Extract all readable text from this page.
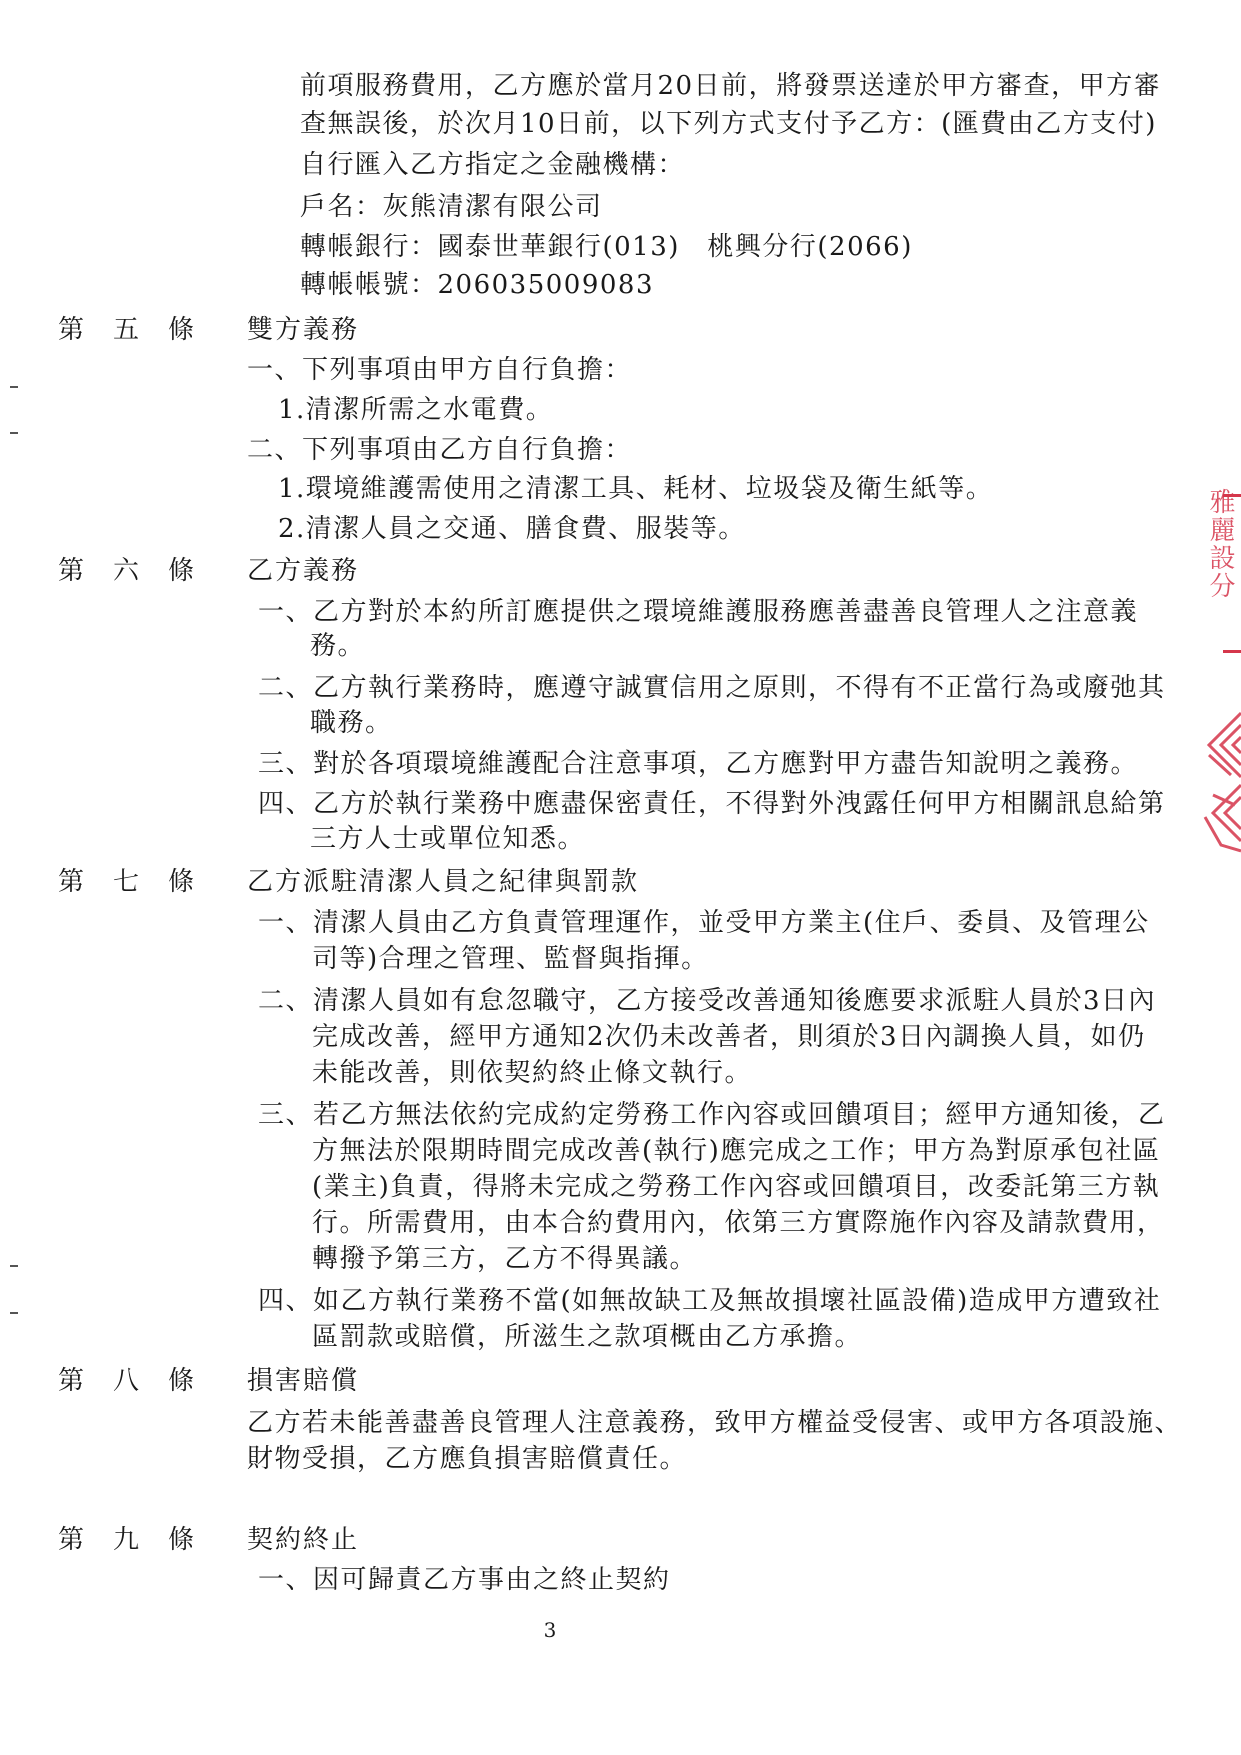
前項服務費用，乙方應於當月20日前，將發票送達於甲方審查，甲方審
查無誤後，於次月10日前，以下列方式支付予乙方：(匯費由乙方支付)
自行匯入乙方指定之金融機構：
戶名：灰熊清潔有限公司
轉帳銀行：國泰世華銀行(013)　桃興分行(2066)
轉帳帳號：206035009083
第 五 條	雙方義務
一、下列事項由甲方自行負擔：
1.清潔所需之水電費。
二、下列事項由乙方自行負擔：
1.環境維護需使用之清潔工具、耗材、垃圾袋及衛生紙等。
2.清潔人員之交通、膳食費、服裝等。
第 六 條	乙方義務
一、乙方對於本約所訂應提供之環境維護服務應善盡善良管理人之注意義
務。
二、乙方執行業務時，應遵守誠實信用之原則，不得有不正當行為或廢弛其
職務。
三、對於各項環境維護配合注意事項，乙方應對甲方盡告知說明之義務。
四、乙方於執行業務中應盡保密責任，不得對外洩露任何甲方相關訊息給第
三方人士或單位知悉。
第 七 條	乙方派駐清潔人員之紀律與罰款
一、清潔人員由乙方負責管理運作，並受甲方業主(住戶、委員、及管理公
司等)合理之管理、監督與指揮。
二、清潔人員如有怠忽職守，乙方接受改善通知後應要求派駐人員於3日內
完成改善，經甲方通知2次仍未改善者，則須於3日內調換人員，如仍
未能改善，則依契約終止條文執行。
三、若乙方無法依約完成約定勞務工作內容或回饋項目；經甲方通知後，乙
方無法於限期時間完成改善(執行)應完成之工作；甲方為對原承包社區
(業主)負責，得將未完成之勞務工作內容或回饋項目，改委託第三方執
行。所需費用，由本合約費用內，依第三方實際施作內容及請款費用，
轉撥予第三方，乙方不得異議。
四、如乙方執行業務不當(如無故缺工及無故損壞社區設備)造成甲方遭致社
區罰款或賠償，所滋生之款項概由乙方承擔。
第 八 條	損害賠償
乙方若未能善盡善良管理人注意義務，致甲方權益受侵害、或甲方各項設施、
財物受損，乙方應負損害賠償責任。
第 九 條	契約終止
一、因可歸責乙方事由之終止契約
3
雅麗設分
